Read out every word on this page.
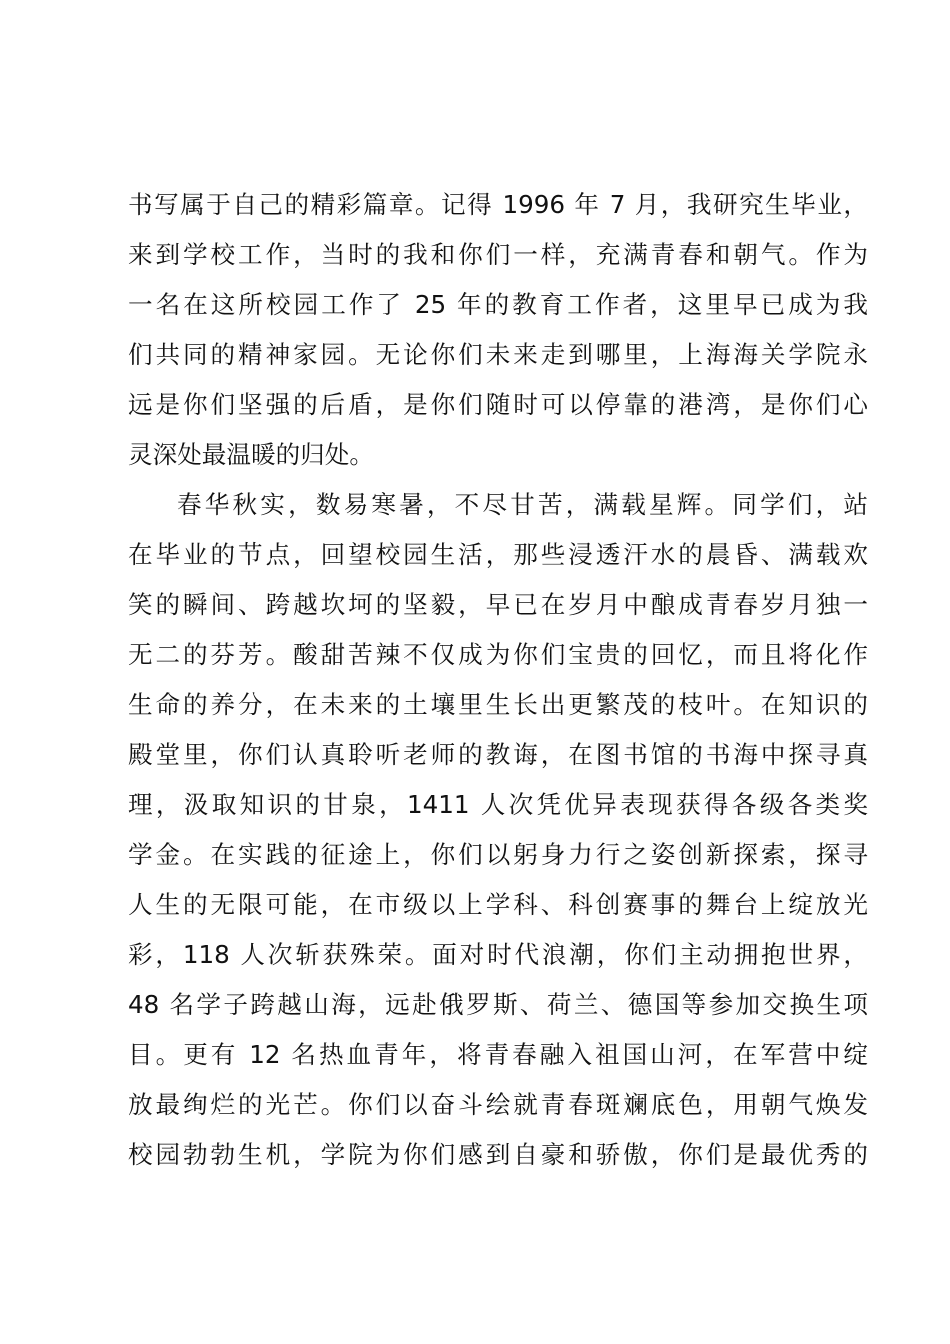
书写属于自己的精彩篇章。记得 1996 年 7 月，我研究生毕业，
来到学校工作，当时的我和你们一样，充满青春和朝气。作为
一名在这所校园工作了 25 年的教育工作者，这里早已成为我
们共同的精神家园。无论你们未来走到哪里，上海海关学院永
远是你们坚强的后盾，是你们随时可以停靠的港湾，是你们心
灵深处最温暖的归处。
春华秋实，数易寒暑，不尽甘苦，满载星辉。同学们，站
在毕业的节点，回望校园生活，那些浸透汗水的晨昏、满载欢
笑的瞬间、跨越坎坷的坚毅，早已在岁月中酿成青春岁月独一
无二的芬芳。酸甜苦辣不仅成为你们宝贵的回忆，而且将化作
生命的养分，在未来的土壤里生长出更繁茂的枝叶。在知识的
殿堂里，你们认真聆听老师的教诲，在图书馆的书海中探寻真
理，汲取知识的甘泉，1411 人次凭优异表现获得各级各类奖
学金。在实践的征途上，你们以躬身力行之姿创新探索，探寻
人生的无限可能，在市级以上学科、科创赛事的舞台上绽放光
彩，118 人次斩获殊荣。面对时代浪潮，你们主动拥抱世界，
48 名学子跨越山海，远赴俄罗斯、荷兰、德国等参加交换生项
目。更有 12 名热血青年，将青春融入祖国山河，在军营中绽
放最绚烂的光芒。你们以奋斗绘就青春斑斓底色，用朝气焕发
校园勃勃生机，学院为你们感到自豪和骄傲，你们是最优秀的
